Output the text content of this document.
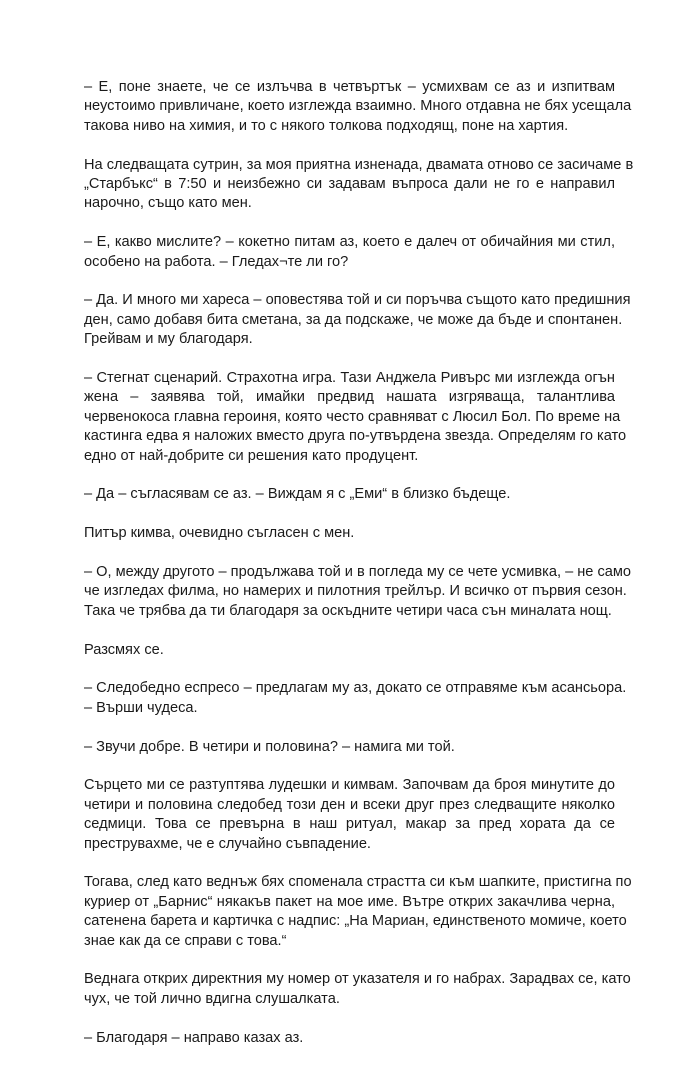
– Е, поне знаете, че се излъчва в четвъртък – усмихвам се аз и изпитвам
неустоимо привличане, което изглежда взаимно. Много отдавна не бях усещала
такова ниво на химия, и то с някого толкова подходящ, поне на хартия.

На следващата сутрин, за моя приятна изненада, двамата отново се засичаме в
„Старбъкс“ в 7:50 и неизбежно си задавам въпроса дали не го е направил
нарочно, също като мен.

– Е, какво мислите? – кокетно питам аз, което е далеч от обичайния ми стил,
особено на работа. – Гледах¬те ли го?

– Да. И много ми хареса – оповестява той и си поръчва същото като предишния
ден, само добавя бита сметана, за да подскаже, че може да бъде и спонтанен.
Грейвам и му благодаря.

– Стегнат сценарий. Страхотна игра. Тази Анджела Ривърс ми изглежда огън
жена – заявява той, имайки предвид нашата изгряваща, талантлива
червенокоса главна героиня, която често сравняват с Люсил Бол. По време на
кастинга едва я наложих вместо друга по-утвърдена звезда. Определям го като
едно от най-добрите си решения като продуцент.

– Да – съгласявам се аз. – Виждам я с „Еми“ в близко бъдеще.

Питър кимва, очевидно съгласен с мен.

– О, между другото – продължава той и в погледа му се чете усмивка, – не само
че изгледах филма, но намерих и пилотния трейлър. И всичко от първия сезон.
Така че трябва да ти благодаря за оскъдните четири часа сън миналата нощ.

Разсмях се.

– Следобедно еспресо – предлагам му аз, докато се отправяме към асансьора.

– Върши чудеса.

– Звучи добре. В четири и половина? – намига ми той.

Сърцето ми се разтуптява лудешки и кимвам. Започвам да броя минутите до
четири и половина следобед този ден и всеки друг през следващите няколко
седмици. Това се превърна в наш ритуал, макар за пред хората да се
преструвахме, че е случайно съвпадение.

Тогава, след като веднъж бях споменала страстта си към шапките, пристигна по
куриер от „Барнис“ някакъв пакет на мое име. Вътре открих закачлива черна,
сатенена барета и картичка с надпис: „На Мариан, единственото момиче, което
знае как да се справи с това.“

Веднага открих директния му номер от указателя и го набрах. Зарадвах се, като
чух, че той лично вдигна слушалката.

– Благодаря – направо казах аз.
